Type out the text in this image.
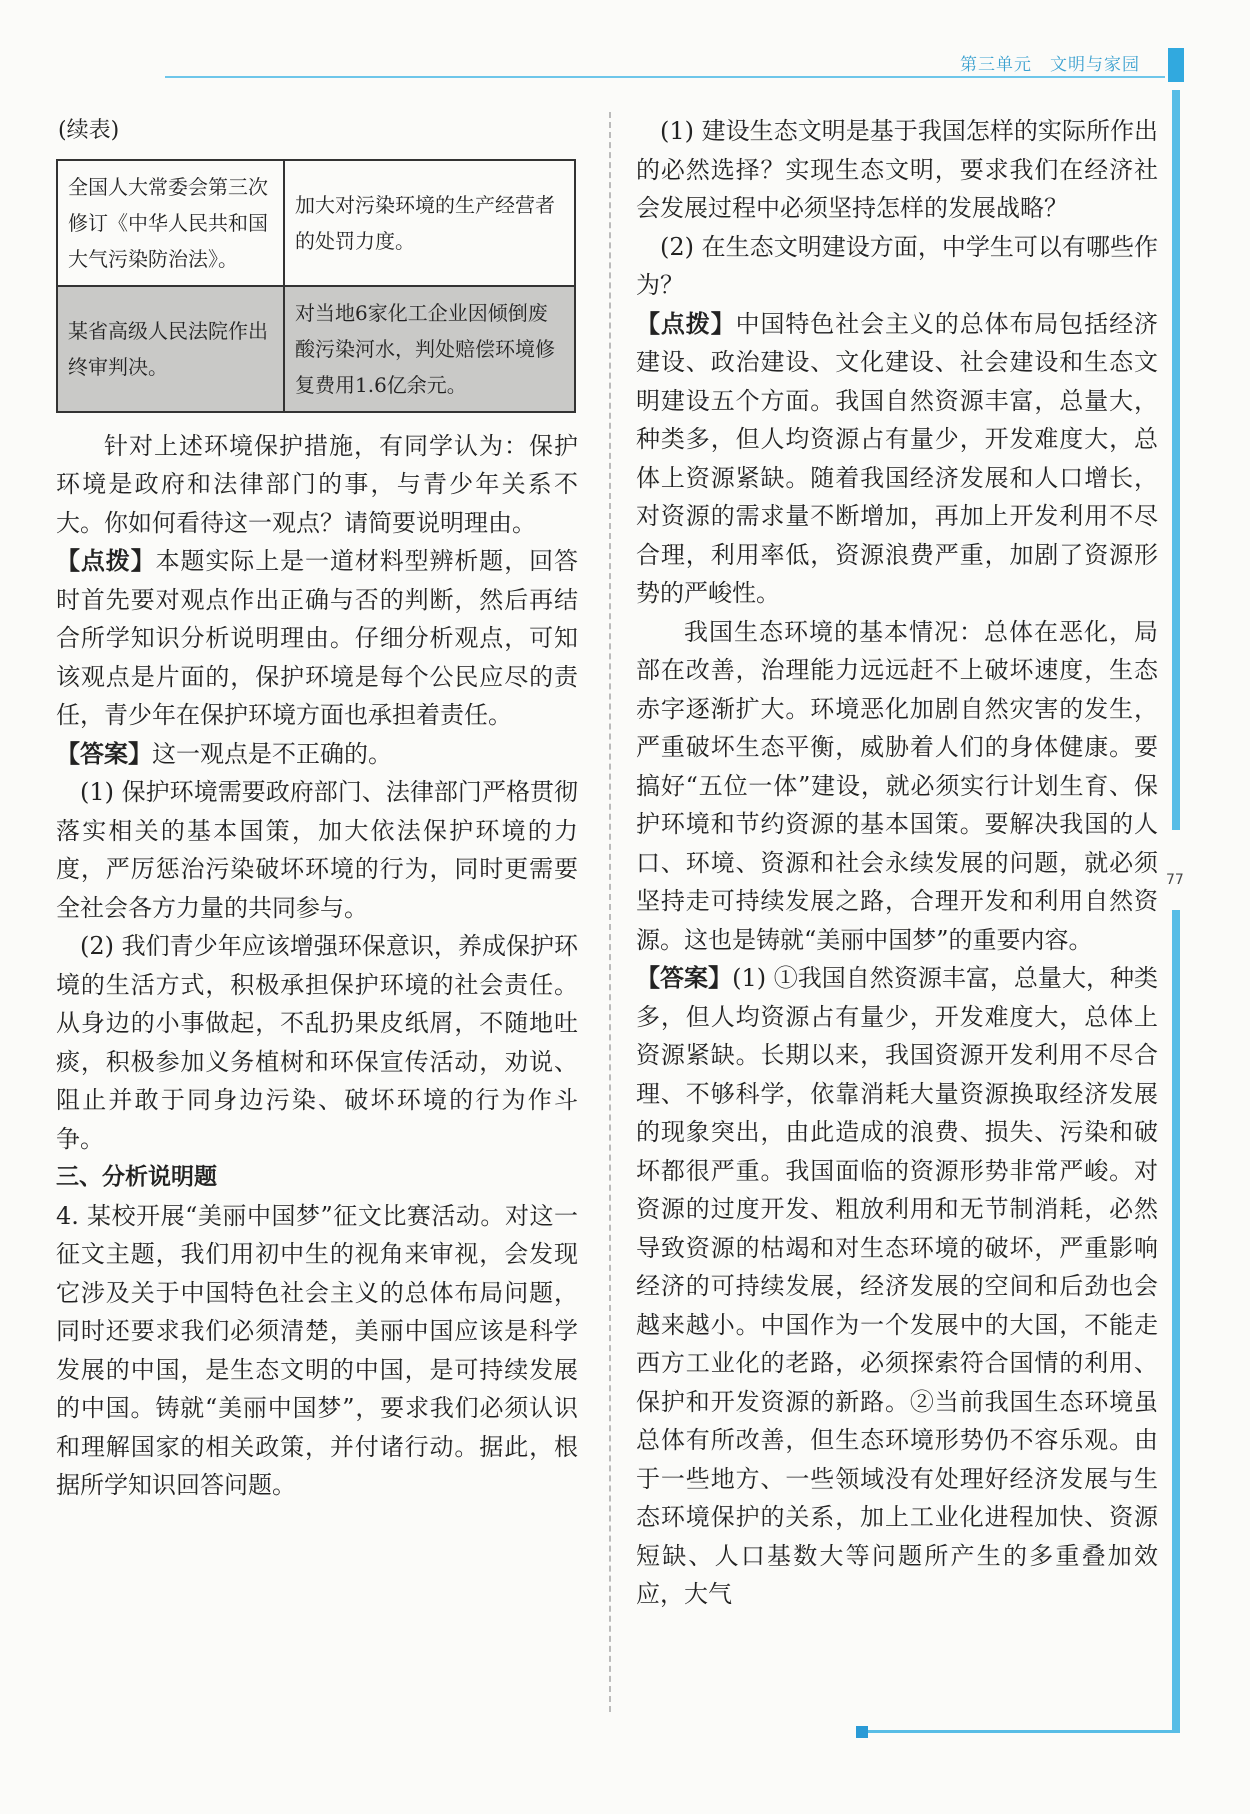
第三单元　文明与家园
77

(续表)

全国人大常委会第三次修订《中华人民共和国大气污染防治法》。	加大对污染环境的生产经营者的处罚力度。
某省高级人民法院作出终审判决。	对当地6家化工企业因倾倒废酸污染河水，判处赔偿环境修复费用1.6亿余元。

针对上述环境保护措施，有同学认为：保护环境是政府和法律部门的事，与青少年关系不大。你如何看待这一观点？请简要说明理由。

【点拨】本题实际上是一道材料型辨析题，回答时首先要对观点作出正确与否的判断，然后再结合所学知识分析说明理由。仔细分析观点，可知该观点是片面的，保护环境是每个公民应尽的责任，青少年在保护环境方面也承担着责任。

【答案】这一观点是不正确的。

(1) 保护环境需要政府部门、法律部门严格贯彻落实相关的基本国策，加大依法保护环境的力度，严厉惩治污染破坏环境的行为，同时更需要全社会各方力量的共同参与。

(2) 我们青少年应该增强环保意识，养成保护环境的生活方式，积极承担保护环境的社会责任。从身边的小事做起，不乱扔果皮纸屑，不随地吐痰，积极参加义务植树和环保宣传活动，劝说、阻止并敢于同身边污染、破坏环境的行为作斗争。

三、分析说明题

4. 某校开展“美丽中国梦”征文比赛活动。对这一征文主题，我们用初中生的视角来审视，会发现它涉及关于中国特色社会主义的总体布局问题，同时还要求我们必须清楚，美丽中国应该是科学发展的中国，是生态文明的中国，是可持续发展的中国。铸就“美丽中国梦”，要求我们必须认识和理解国家的相关政策，并付诸行动。据此，根据所学知识回答问题。

(1) 建设生态文明是基于我国怎样的实际所作出的必然选择？实现生态文明，要求我们在经济社会发展过程中必须坚持怎样的发展战略？

(2) 在生态文明建设方面，中学生可以有哪些作为？

【点拨】中国特色社会主义的总体布局包括经济建设、政治建设、文化建设、社会建设和生态文明建设五个方面。我国自然资源丰富，总量大，种类多，但人均资源占有量少，开发难度大，总体上资源紧缺。随着我国经济发展和人口增长，对资源的需求量不断增加，再加上开发利用不尽合理，利用率低，资源浪费严重，加剧了资源形势的严峻性。

我国生态环境的基本情况：总体在恶化，局部在改善，治理能力远远赶不上破坏速度，生态赤字逐渐扩大。环境恶化加剧自然灾害的发生，严重破坏生态平衡，威胁着人们的身体健康。要搞好“五位一体”建设，就必须实行计划生育、保护环境和节约资源的基本国策。要解决我国的人口、环境、资源和社会永续发展的问题，就必须坚持走可持续发展之路，合理开发和利用自然资源。这也是铸就“美丽中国梦”的重要内容。

【答案】(1) ①我国自然资源丰富，总量大，种类多，但人均资源占有量少，开发难度大，总体上资源紧缺。长期以来，我国资源开发利用不尽合理、不够科学，依靠消耗大量资源换取经济发展的现象突出，由此造成的浪费、损失、污染和破坏都很严重。我国面临的资源形势非常严峻。对资源的过度开发、粗放利用和无节制消耗，必然导致资源的枯竭和对生态环境的破坏，严重影响经济的可持续发展，经济发展的空间和后劲也会越来越小。中国作为一个发展中的大国，不能走西方工业化的老路，必须探索符合国情的利用、保护和开发资源的新路。②当前我国生态环境虽总体有所改善，但生态环境形势仍不容乐观。由于一些地方、一些领域没有处理好经济发展与生态环境保护的关系，加上工业化进程加快、资源短缺、人口基数大等问题所产生的多重叠加效应，大气
